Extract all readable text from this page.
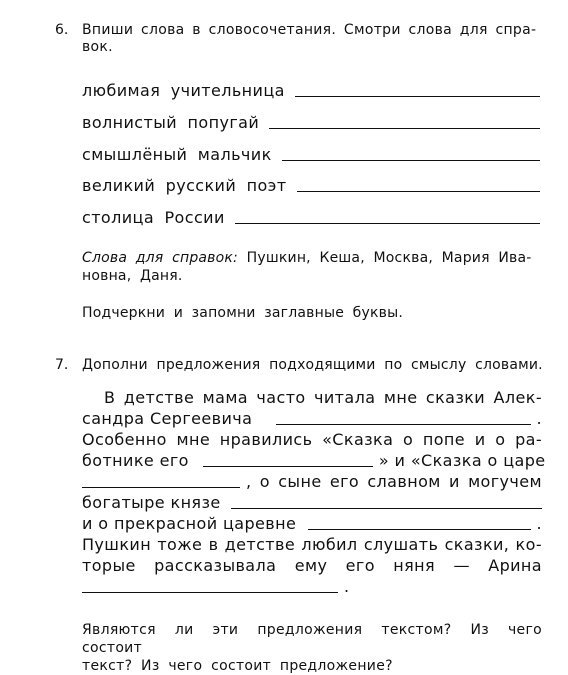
6. Впиши слова в словосочетания. Смотри слова для спра-
вок.
любимая учительница
волнистый попугай
смышлёный мальчик
великий русский поэт
столица России
Слова для справок: Пушкин, Кеша, Москва, Мария Ива-
новна, Даня.
Подчеркни и запомни заглавные буквы.
7. Дополни предложения подходящими по смыслу словами.
В детстве мама часто читала мне сказки Алек-
сандра Сергеевича	.
Особенно мне нравились «Сказка о попе и о ра-
ботнике его	» и «Сказка о царе
, о сыне его славном и могучем
богатыре князе
и о прекрасной царевне	.
Пушкин тоже в детстве любил слушать сказки, ко-
торые рассказывала ему его няня — Арина
.
Являются ли эти предложения текстом? Из чего состоит
текст? Из чего состоит предложение?
